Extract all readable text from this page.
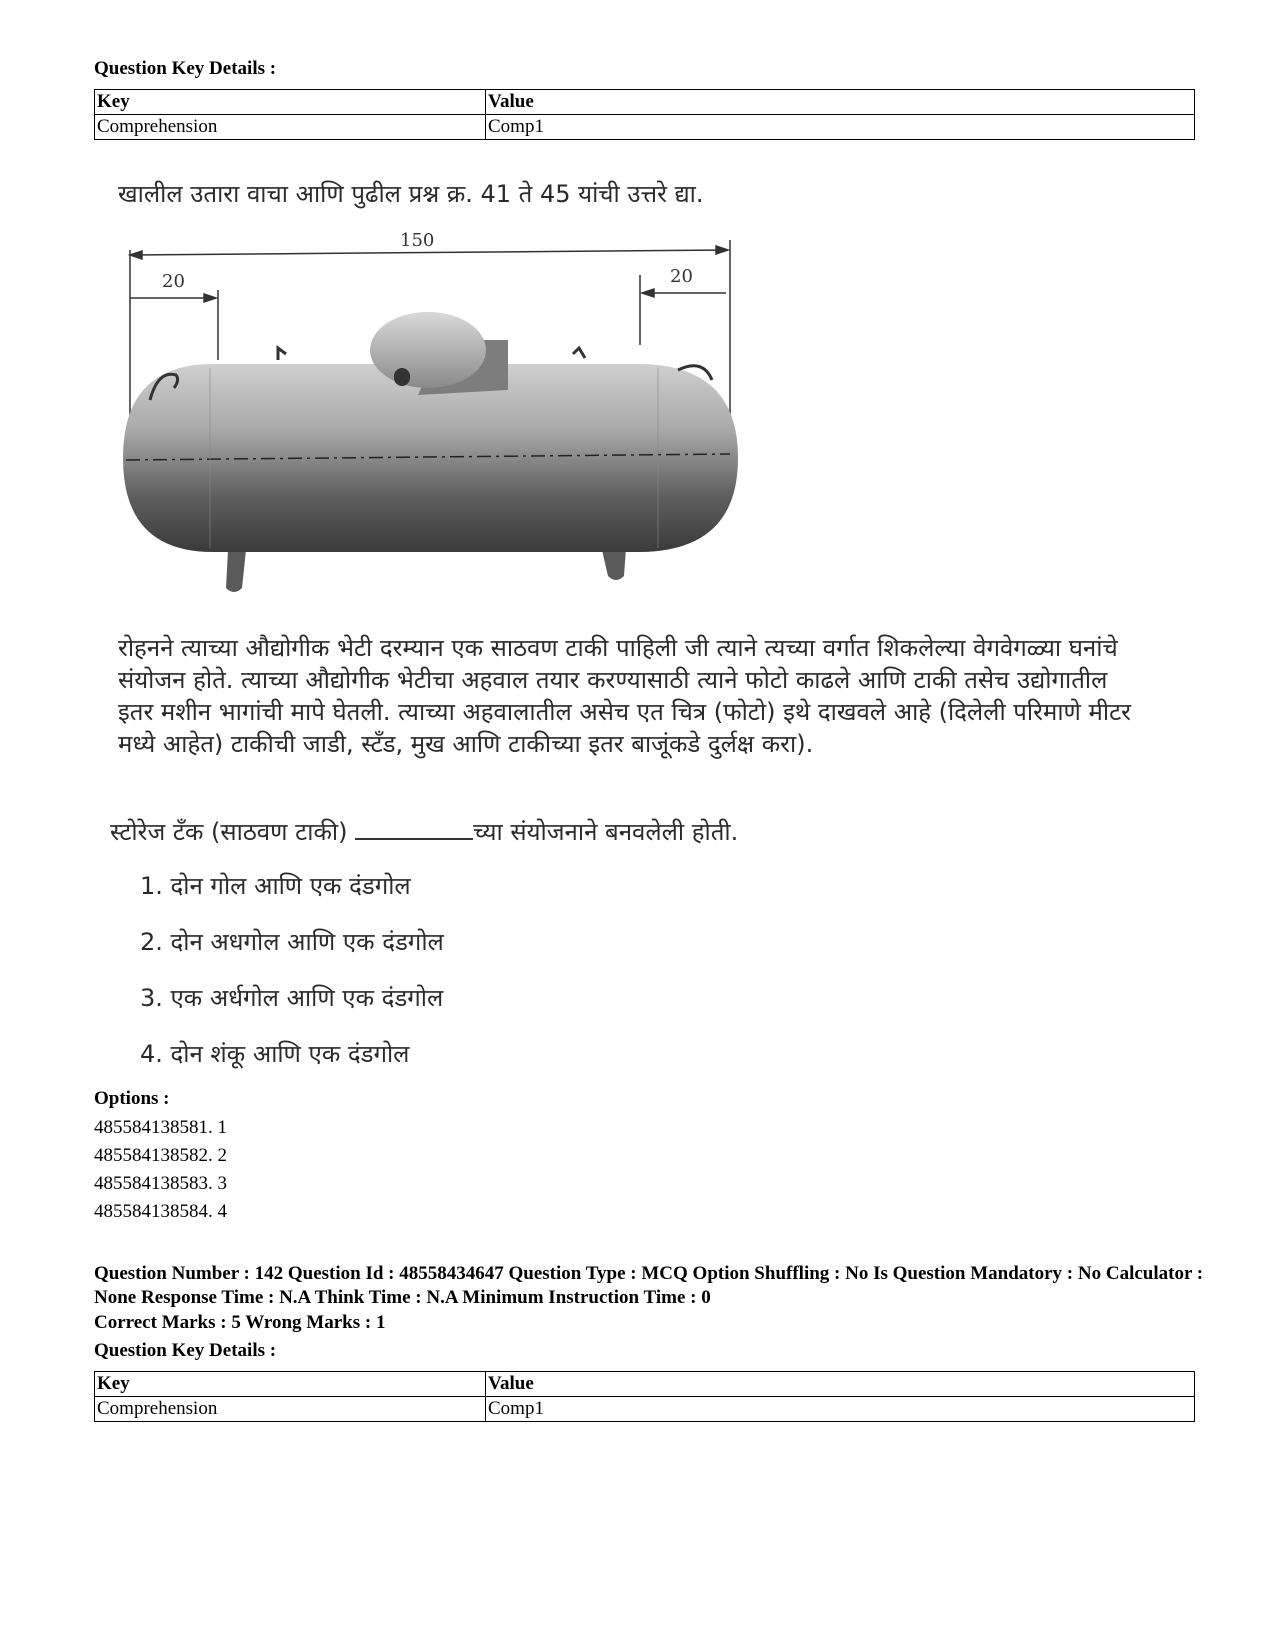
Question Key Details :
Key	Value
Comprehension	Comp1
खालील उतारा वाचा आणि पुढील प्रश्न क्र. 41 ते 45 यांची उत्तरे द्या.
150
20	20
रोहनने त्याच्या औद्योगीक भेटी दरम्यान एक साठवण टाकी पाहिली जी त्याने त्यच्या वर्गात शिकलेल्या वेगवेगळ्या घनांचे
संयोजन होते. त्याच्या औद्योगीक भेटीचा अहवाल तयार करण्यासाठी त्याने फोटो काढले आणि टाकी तसेच उद्योगातील
इतर मशीन भागांची मापे घेतली. त्याच्या अहवालातील असेच एत चित्र (फोटो) इथे दाखवले आहे (दिलेली परिमाणे मीटर
मध्ये आहेत) टाकीची जाडी, स्टँड, मुख आणि टाकीच्या इतर बाजूंकडे दुर्लक्ष करा).
स्टोरेज टँक (साठवण टाकी)	च्या संयोजनाने बनवलेली होती.
1. दोन गोल आणि एक दंडगोल
2. दोन अधगोल आणि एक दंडगोल
3. एक अर्धगोल आणि एक दंडगोल
4. दोन शंकू आणि एक दंडगोल
Options :
485584138581. 1
485584138582. 2
485584138583. 3
485584138584. 4
Question Number : 142 Question Id : 48558434647 Question Type : MCQ Option Shuffling : No Is Question Mandatory : No Calculator : None Response Time : N.A Think Time : N.A Minimum Instruction Time : 0
Correct Marks : 5 Wrong Marks : 1
Question Key Details :
Key	Value
Comprehension	Comp1
